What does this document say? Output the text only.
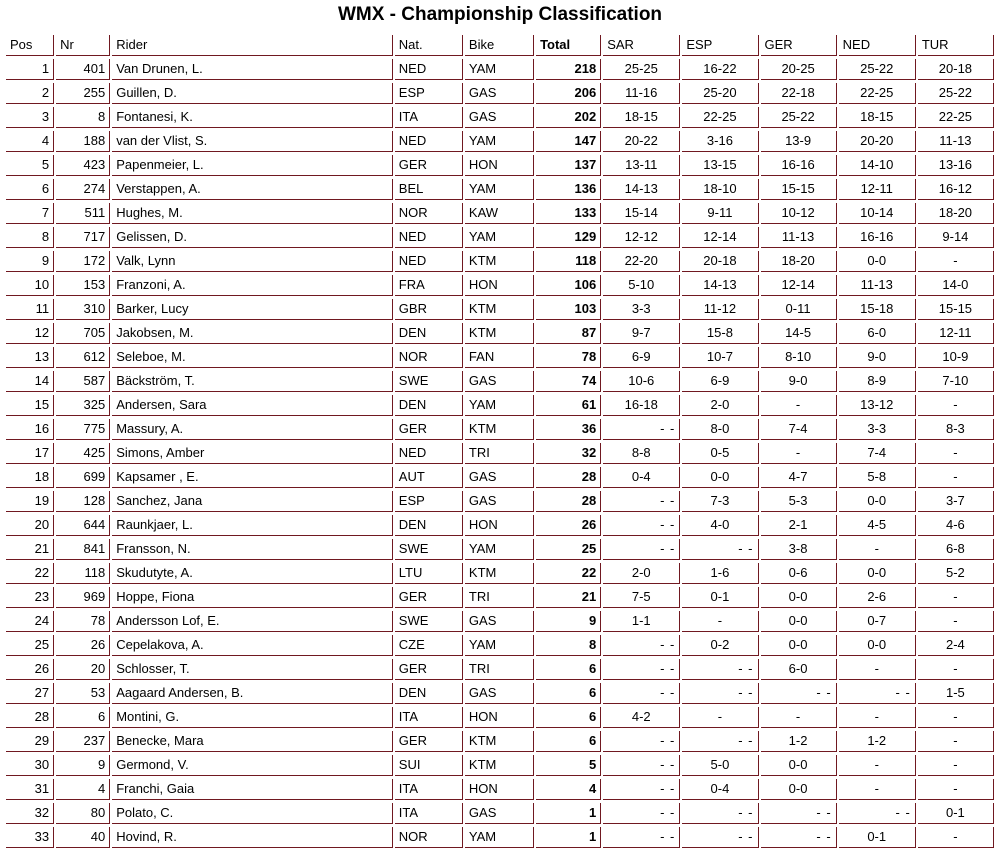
WMX - Championship Classification
Pos	Nr	Rider	Nat.	Bike	Total	SAR	ESP	GER	NED	TUR
1	401	Van Drunen, L.	NED	YAM	218	25-25	16-22	20-25	25-22	20-18
2	255	Guillen, D.	ESP	GAS	206	11-16	25-20	22-18	22-25	25-22
3	8	Fontanesi, K.	ITA	GAS	202	18-15	22-25	25-22	18-15	22-25
4	188	van der Vlist, S.	NED	YAM	147	20-22	3-16	13-9	20-20	11-13
5	423	Papenmeier, L.	GER	HON	137	13-11	13-15	16-16	14-10	13-16
6	274	Verstappen, A.	BEL	YAM	136	14-13	18-10	15-15	12-11	16-12
7	511	Hughes, M.	NOR	KAW	133	15-14	9-11	10-12	10-14	18-20
8	717	Gelissen, D.	NED	YAM	129	12-12	12-14	11-13	16-16	9-14
9	172	Valk, Lynn	NED	KTM	118	22-20	20-18	18-20	0-0	-
10	153	Franzoni, A.	FRA	HON	106	5-10	14-13	12-14	11-13	14-0
11	310	Barker, Lucy	GBR	KTM	103	3-3	11-12	0-11	15-18	15-15
12	705	Jakobsen, M.	DEN	KTM	87	9-7	15-8	14-5	6-0	12-11
13	612	Seleboe, M.	NOR	FAN	78	6-9	10-7	8-10	9-0	10-9
14	587	Bäckström, T.	SWE	GAS	74	10-6	6-9	9-0	8-9	7-10
15	325	Andersen, Sara	DEN	YAM	61	16-18	2-0	-	13-12	-
16	775	Massury, A.	GER	KTM	36	- -	8-0	7-4	3-3	8-3
17	425	Simons, Amber	NED	TRI	32	8-8	0-5	-	7-4	-
18	699	Kapsamer , E.	AUT	GAS	28	0-4	0-0	4-7	5-8	-
19	128	Sanchez, Jana	ESP	GAS	28	- -	7-3	5-3	0-0	3-7
20	644	Raunkjaer, L.	DEN	HON	26	- -	4-0	2-1	4-5	4-6
21	841	Fransson, N.	SWE	YAM	25	- -	- -	3-8	-	6-8
22	118	Skudutyte, A.	LTU	KTM	22	2-0	1-6	0-6	0-0	5-2
23	969	Hoppe, Fiona	GER	TRI	21	7-5	0-1	0-0	2-6	-
24	78	Andersson Lof, E.	SWE	GAS	9	1-1	-	0-0	0-7	-
25	26	Cepelakova, A.	CZE	YAM	8	- -	0-2	0-0	0-0	2-4
26	20	Schlosser, T.	GER	TRI	6	- -	- -	6-0	-	-
27	53	Aagaard Andersen, B.	DEN	GAS	6	- -	- -	- -	- -	1-5
28	6	Montini, G.	ITA	HON	6	4-2	-	-	-	-
29	237	Benecke, Mara	GER	KTM	6	- -	- -	1-2	1-2	-
30	9	Germond, V.	SUI	KTM	5	- -	5-0	0-0	-	-
31	4	Franchi, Gaia	ITA	HON	4	- -	0-4	0-0	-	-
32	80	Polato, C.	ITA	GAS	1	- -	- -	- -	- -	0-1
33	40	Hovind, R.	NOR	YAM	1	- -	- -	- -	0-1	-
